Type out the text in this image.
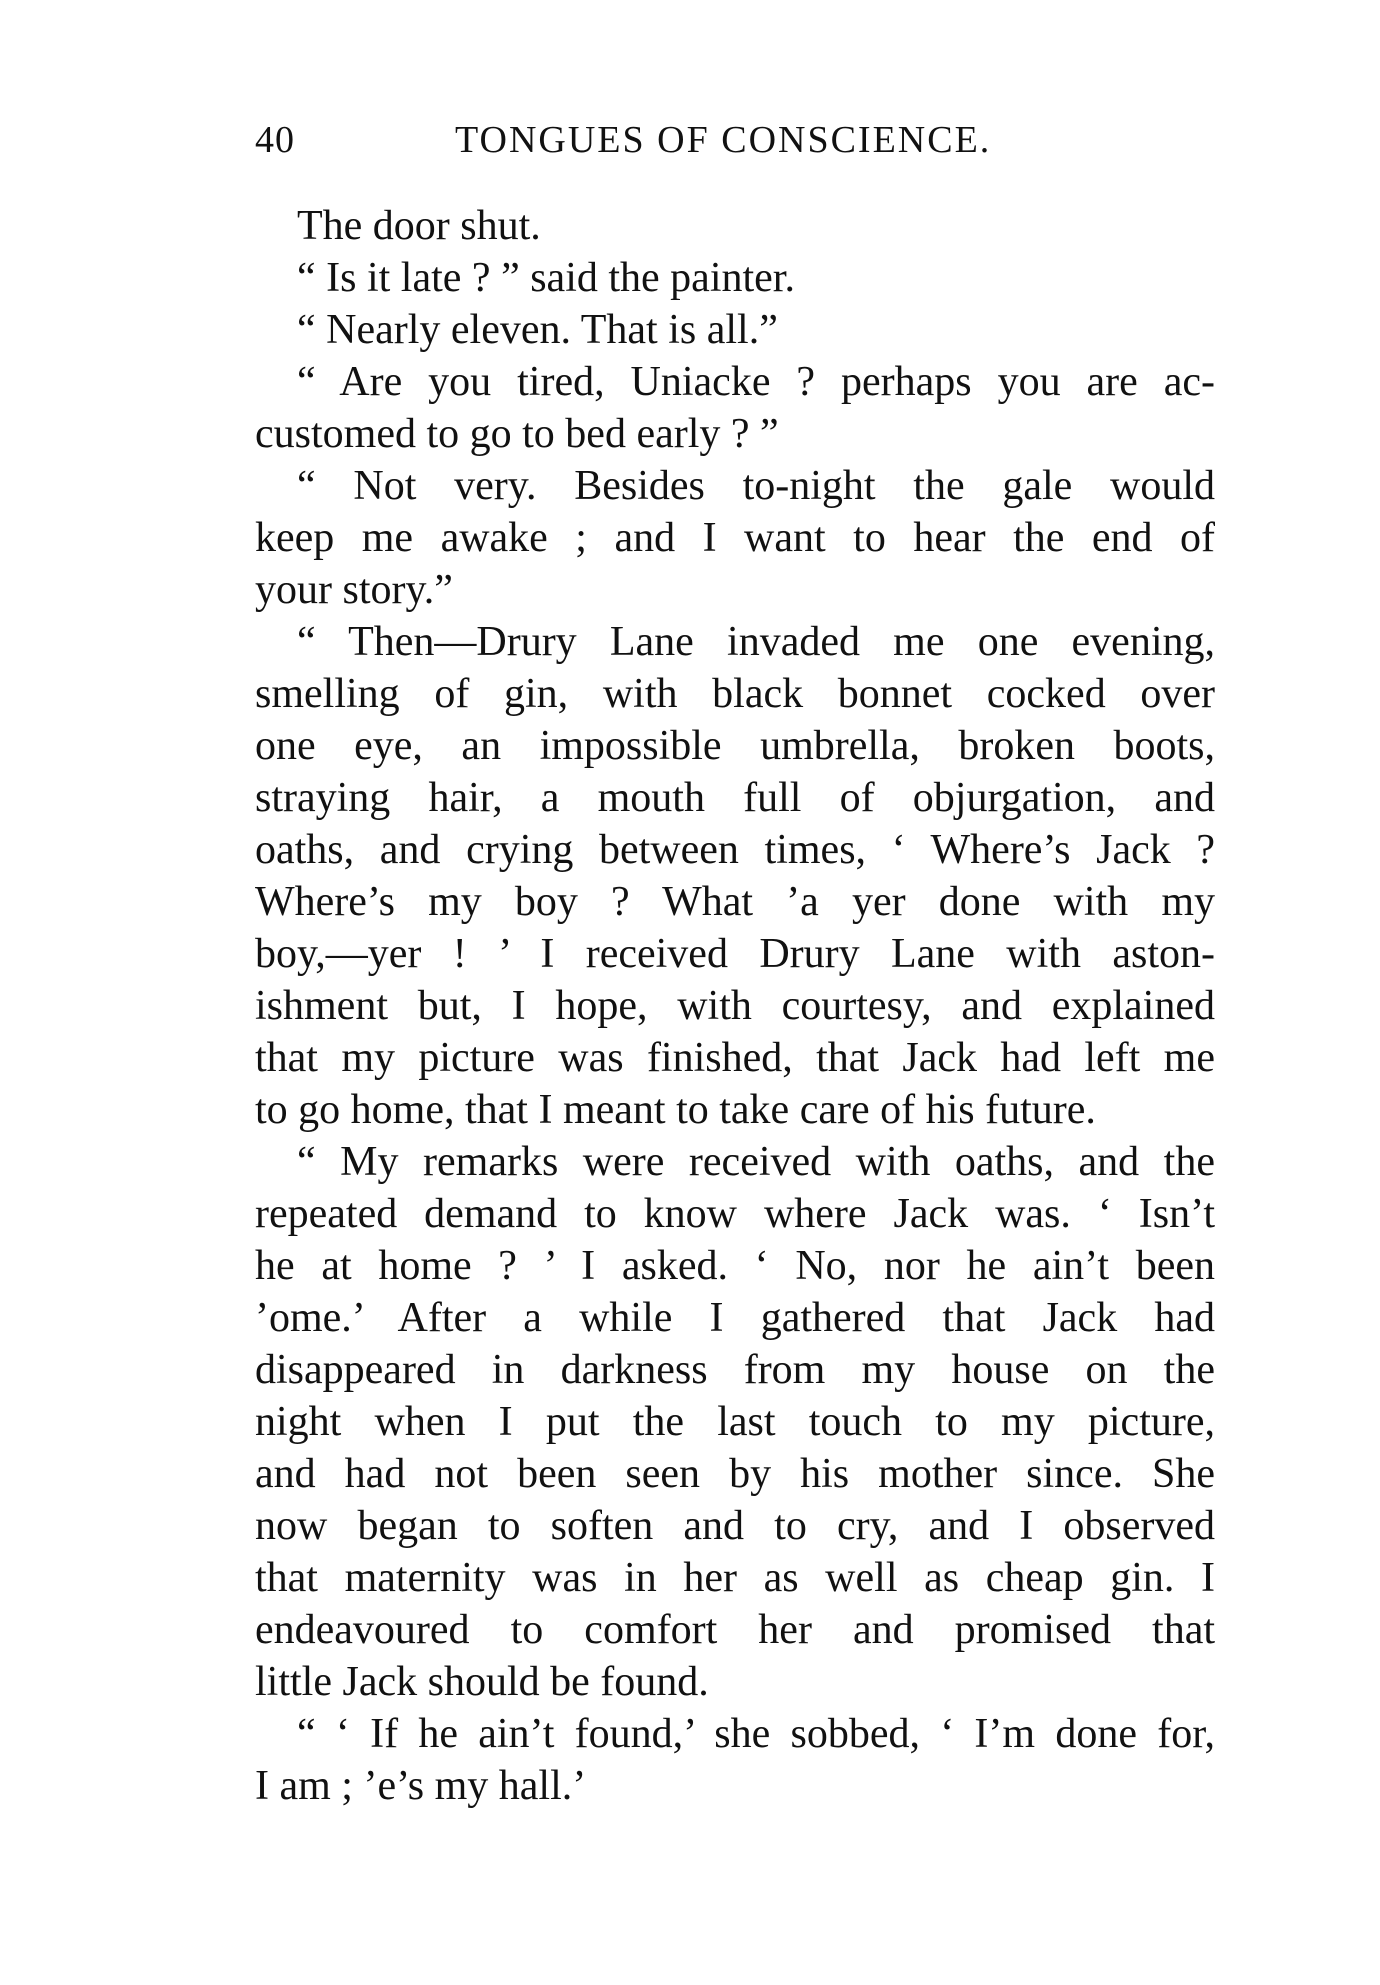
40	TONGUES OF CONSCIENCE.
The door shut.
“ Is it late ? ” said the painter.
“ Nearly eleven. That is all.”
“ Are you tired, Uniacke ? perhaps you are ac-
customed to go to bed early ? ”
“ Not very. Besides to-night the gale would
keep me awake ; and I want to hear the end of
your story.”
“ Then—Drury Lane invaded me one evening,
smelling of gin, with black bonnet cocked over
one eye, an impossible umbrella, broken boots,
straying hair, a mouth full of objurgation, and
oaths, and crying between times, ‘ Where’s Jack ?
Where’s my boy ? What ’a yer done with my
boy,—yer ! ’ I received Drury Lane with aston-
ishment but, I hope, with courtesy, and explained
that my picture was finished, that Jack had left me
to go home, that I meant to take care of his future.
“ My remarks were received with oaths, and the
repeated demand to know where Jack was. ‘ Isn’t
he at home ? ’ I asked. ‘ No, nor he ain’t been
’ome.’ After a while I gathered that Jack had
disappeared in darkness from my house on the
night when I put the last touch to my picture,
and had not been seen by his mother since. She
now began to soften and to cry, and I observed
that maternity was in her as well as cheap gin. I
endeavoured to comfort her and promised that
little Jack should be found.
“ ‘ If he ain’t found,’ she sobbed, ‘ I’m done for,
I am ; ’e’s my hall.’
